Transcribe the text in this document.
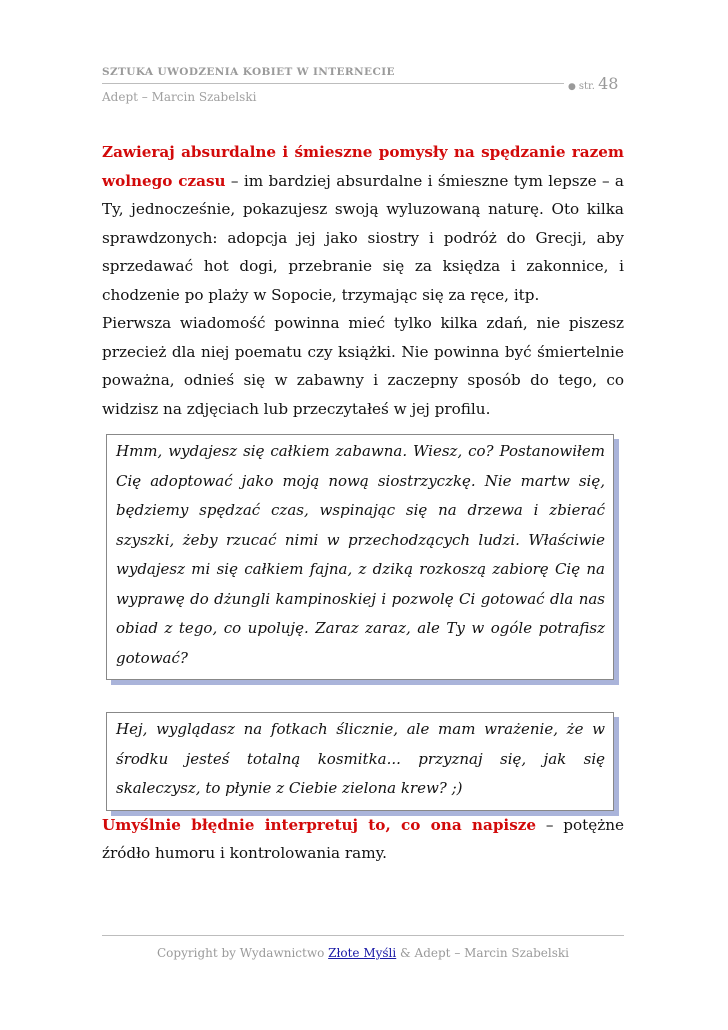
SZTUKA UWODZENIA KOBIET W INTERNECIE
● str. 48
Adept – Marcin Szabelski

Zawieraj absurdalne i śmieszne pomysły na spędzanie razem wolnego czasu – im bardziej absurdalne i śmieszne tym lepsze – a Ty, jednocześnie, pokazujesz swoją wyluzowaną naturę. Oto kilka sprawdzonych: adopcja jej jako siostry i podróż do Grecji, aby sprzedawać hot dogi, przebranie się za księdza i zakonnice, i chodzenie po plaży w Sopocie, trzymając się za ręce, itp.

Pierwsza wiadomość powinna mieć tylko kilka zdań, nie piszesz przecież dla niej poematu czy książki. Nie powinna być śmiertelnie poważna, odnieś się w zabawny i zaczepny sposób do tego, co widzisz na zdjęciach lub przeczytałeś w jej profilu.

Hmm, wydajesz się całkiem zabawna. Wiesz, co? Postanowiłem Cię adoptować jako moją nową siostrzyczkę. Nie martw się, będziemy spędzać czas, wspinając się na drzewa i zbierać szyszki, żeby rzucać nimi w przechodzących ludzi. Właściwie wydajesz mi się całkiem fajna, z dziką rozkoszą zabiorę Cię na wyprawę do dżungli kampinoskiej i pozwolę Ci gotować dla nas obiad z tego, co upoluję. Zaraz zaraz, ale Ty w ogóle potrafisz gotować?

Hej, wyglądasz na fotkach ślicznie, ale mam wrażenie, że w środku jesteś totalną kosmitka... przyznaj się, jak się skaleczysz, to płynie z Ciebie zielona krew? ;)

Umyślnie błędnie interpretuj to, co ona napisze – potężne źródło humoru i kontrolowania ramy.

Copyright by Wydawnictwo Złote Myśli & Adept – Marcin Szabelski
